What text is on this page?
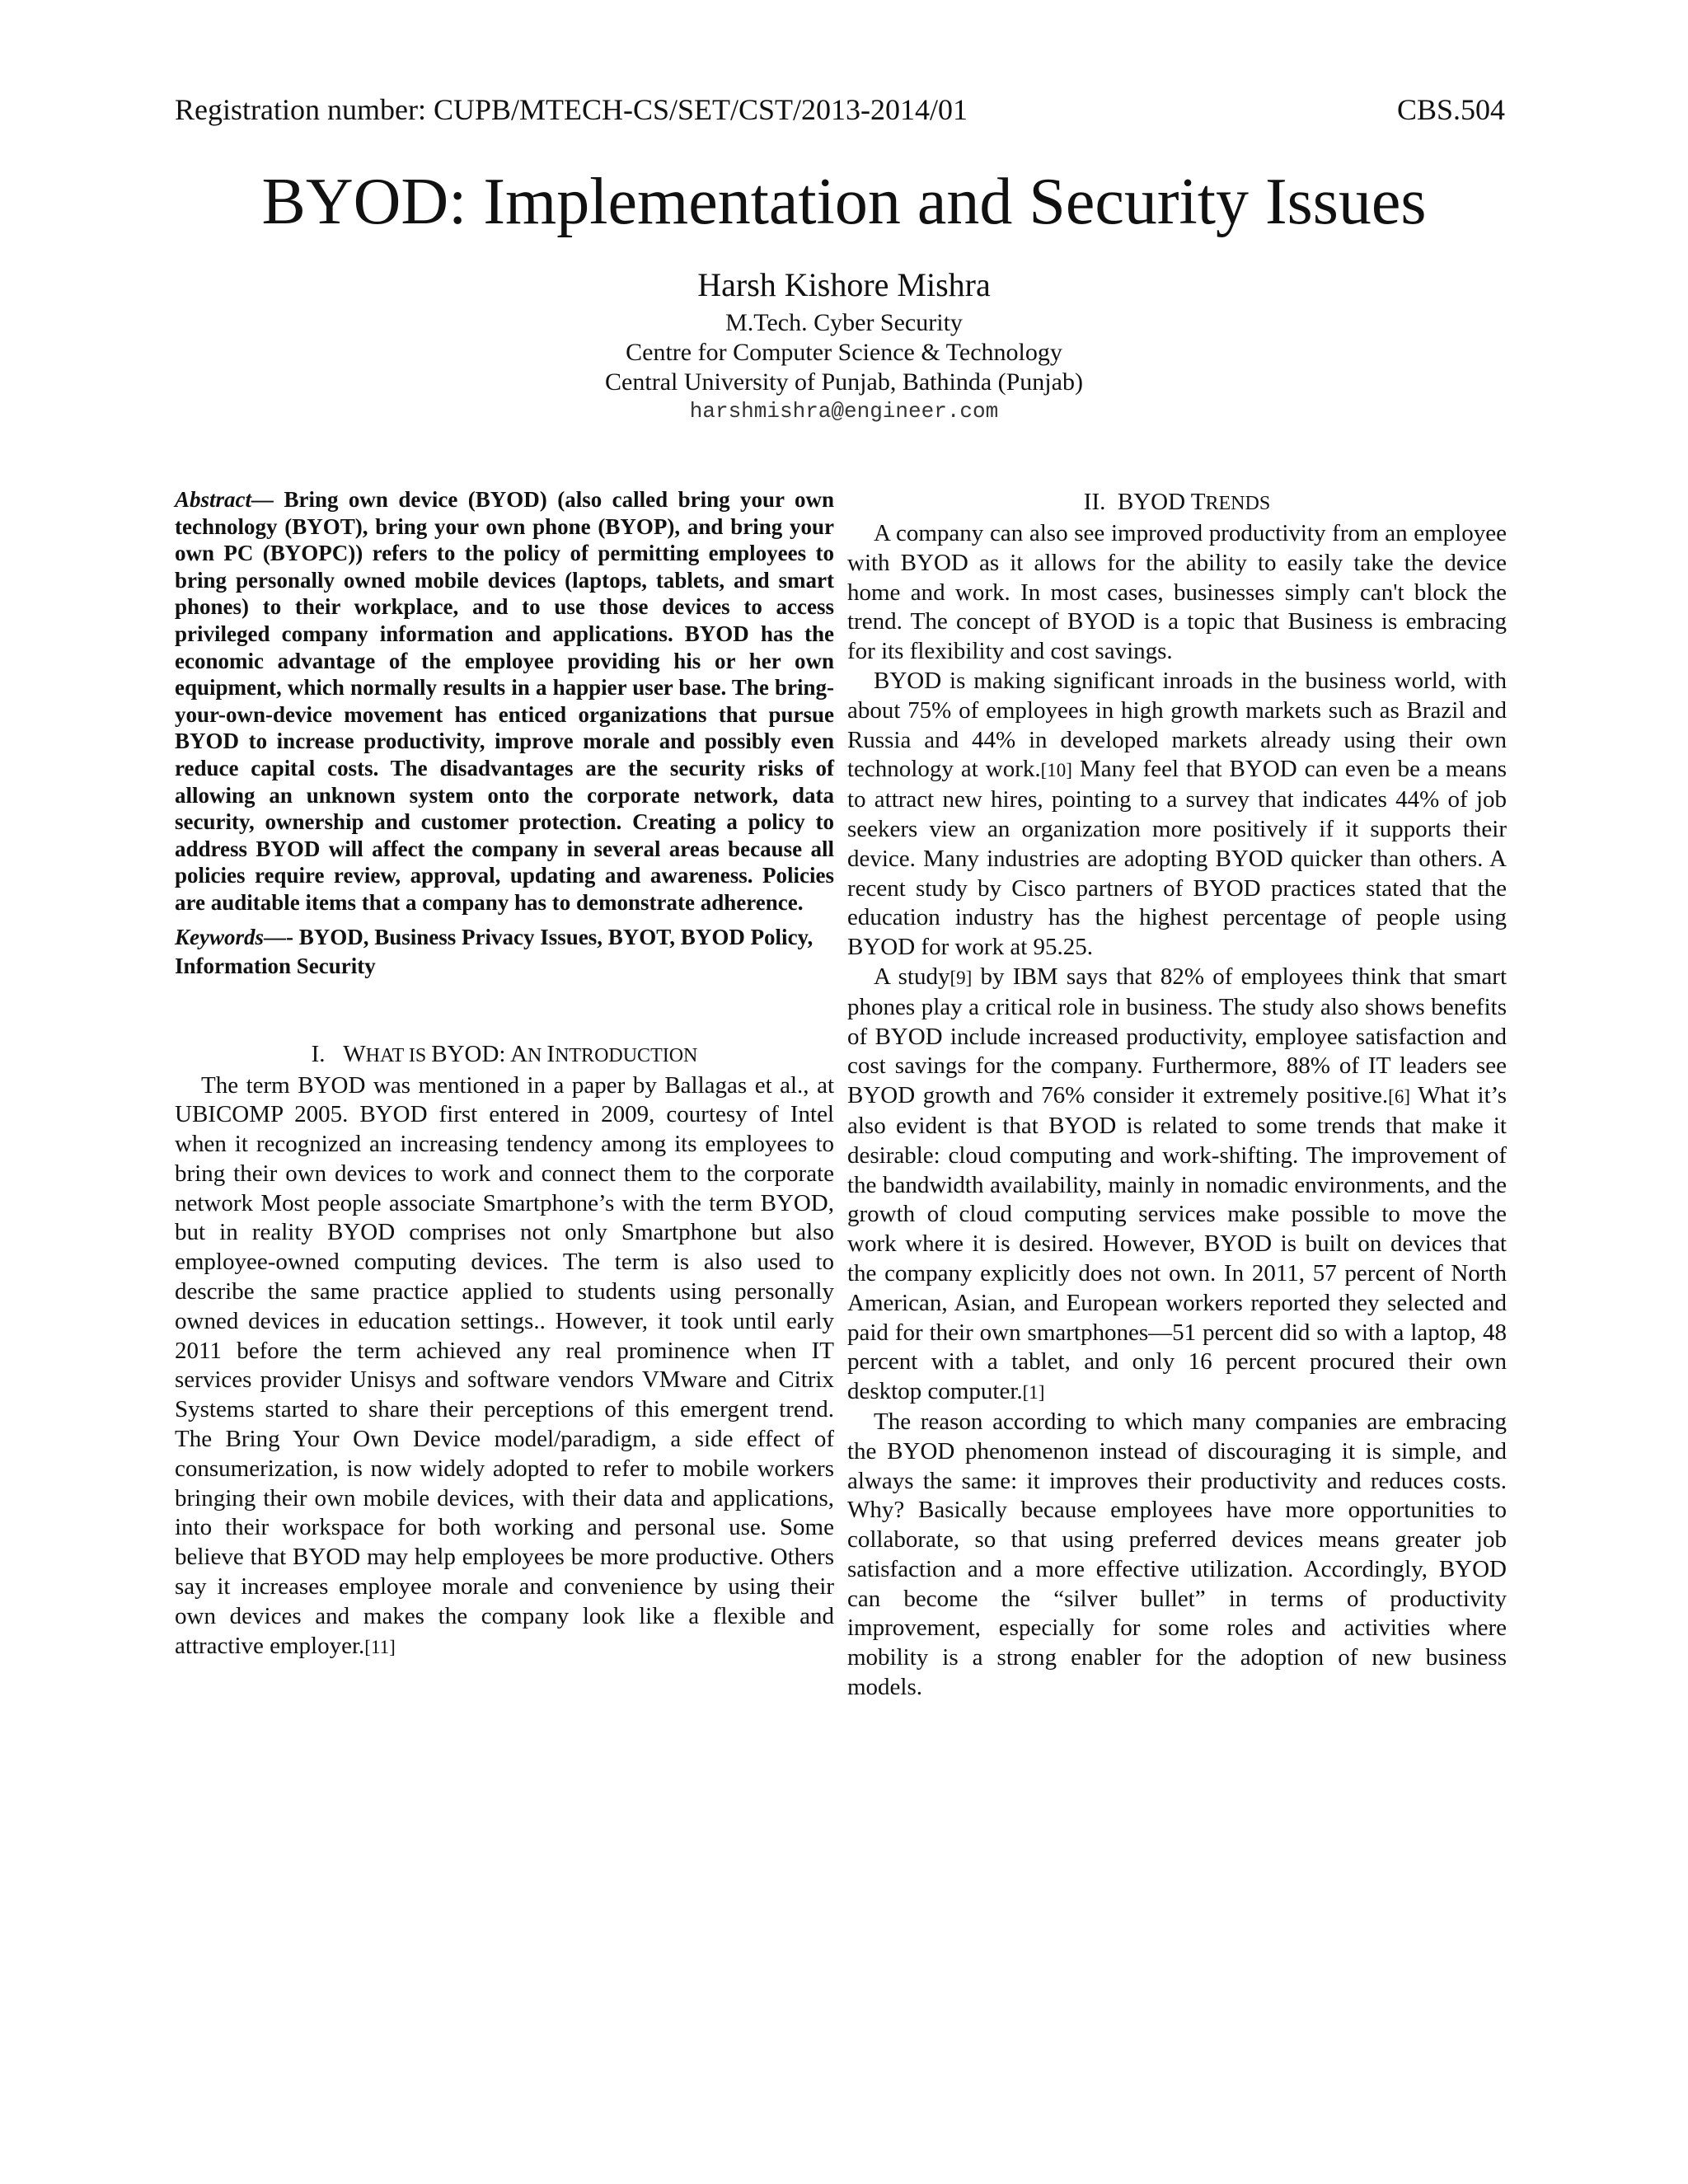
Registration number: CUPB/MTECH-CS/SET/CST/2013-2014/01	CBS.504
BYOD: Implementation and Security Issues
Harsh Kishore Mishra
M.Tech. Cyber Security
Centre for Computer Science & Technology
Central University of Punjab, Bathinda (Punjab)
harshmishra@engineer.com

Abstract— Bring own device (BYOD) (also called bring your own technology (BYOT), bring your own phone (BYOP), and bring your own PC (BYOPC)) refers to the policy of permitting employees to bring personally owned mobile devices (laptops, tablets, and smart phones) to their workplace, and to use those devices to access privileged company information and applications. BYOD has the economic advantage of the employee providing his or her own equipment, which normally results in a happier user base. The bring-your-own-device movement has enticed organizations that pursue BYOD to increase productivity, improve morale and possibly even reduce capital costs. The disadvantages are the security risks of allowing an unknown system onto the corporate network, data security, ownership and customer protection. Creating a policy to address BYOD will affect the company in several areas because all policies require review, approval, updating and awareness. Policies are auditable items that a company has to demonstrate adherence.

Keywords—- BYOD, Business Privacy Issues, BYOT, BYOD Policy, Information Security

I. WHAT IS BYOD: AN INTRODUCTION

The term BYOD was mentioned in a paper by Ballagas et al., at UBICOMP 2005. BYOD first entered in 2009, courtesy of Intel when it recognized an increasing tendency among its employees to bring their own devices to work and connect them to the corporate network Most people associate Smartphone’s with the term BYOD, but in reality BYOD comprises not only Smartphone but also employee-owned computing devices. The term is also used to describe the same practice applied to students using personally owned devices in education settings.. However, it took until early 2011 before the term achieved any real prominence when IT services provider Unisys and software vendors VMware and Citrix Systems started to share their perceptions of this emergent trend. The Bring Your Own Device model/paradigm, a side effect of consumerization, is now widely adopted to refer to mobile workers bringing their own mobile devices, with their data and applications, into their workspace for both working and personal use. Some believe that BYOD may help employees be more productive. Others say it increases employee morale and convenience by using their own devices and makes the company look like a flexible and attractive employer.[11]

II. BYOD TRENDS

A company can also see improved productivity from an employee with BYOD as it allows for the ability to easily take the device home and work. In most cases, businesses simply can't block the trend. The concept of BYOD is a topic that Business is embracing for its flexibility and cost savings.

BYOD is making significant inroads in the business world, with about 75% of employees in high growth markets such as Brazil and Russia and 44% in developed markets already using their own technology at work.[10] Many feel that BYOD can even be a means to attract new hires, pointing to a survey that indicates 44% of job seekers view an organization more positively if it supports their device. Many industries are adopting BYOD quicker than others. A recent study by Cisco partners of BYOD practices stated that the education industry has the highest percentage of people using BYOD for work at 95.25.

A study[9] by IBM says that 82% of employees think that smart phones play a critical role in business. The study also shows benefits of BYOD include increased productivity, employee satisfaction and cost savings for the company. Furthermore, 88% of IT leaders see BYOD growth and 76% consider it extremely positive.[6] What it’s also evident is that BYOD is related to some trends that make it desirable: cloud computing and work-shifting. The improvement of the bandwidth availability, mainly in nomadic environments, and the growth of cloud computing services make possible to move the work where it is desired. However, BYOD is built on devices that the company explicitly does not own. In 2011, 57 percent of North American, Asian, and European workers reported they selected and paid for their own smartphones—51 percent did so with a laptop, 48 percent with a tablet, and only 16 percent procured their own desktop computer.[1]

The reason according to which many companies are embracing the BYOD phenomenon instead of discouraging it is simple, and always the same: it improves their productivity and reduces costs. Why? Basically because employees have more opportunities to collaborate, so that using preferred devices means greater job satisfaction and a more effective utilization. Accordingly, BYOD can become the “silver bullet” in terms of productivity improvement, especially for some roles and activities where mobility is a strong enabler for the adoption of new business models.
